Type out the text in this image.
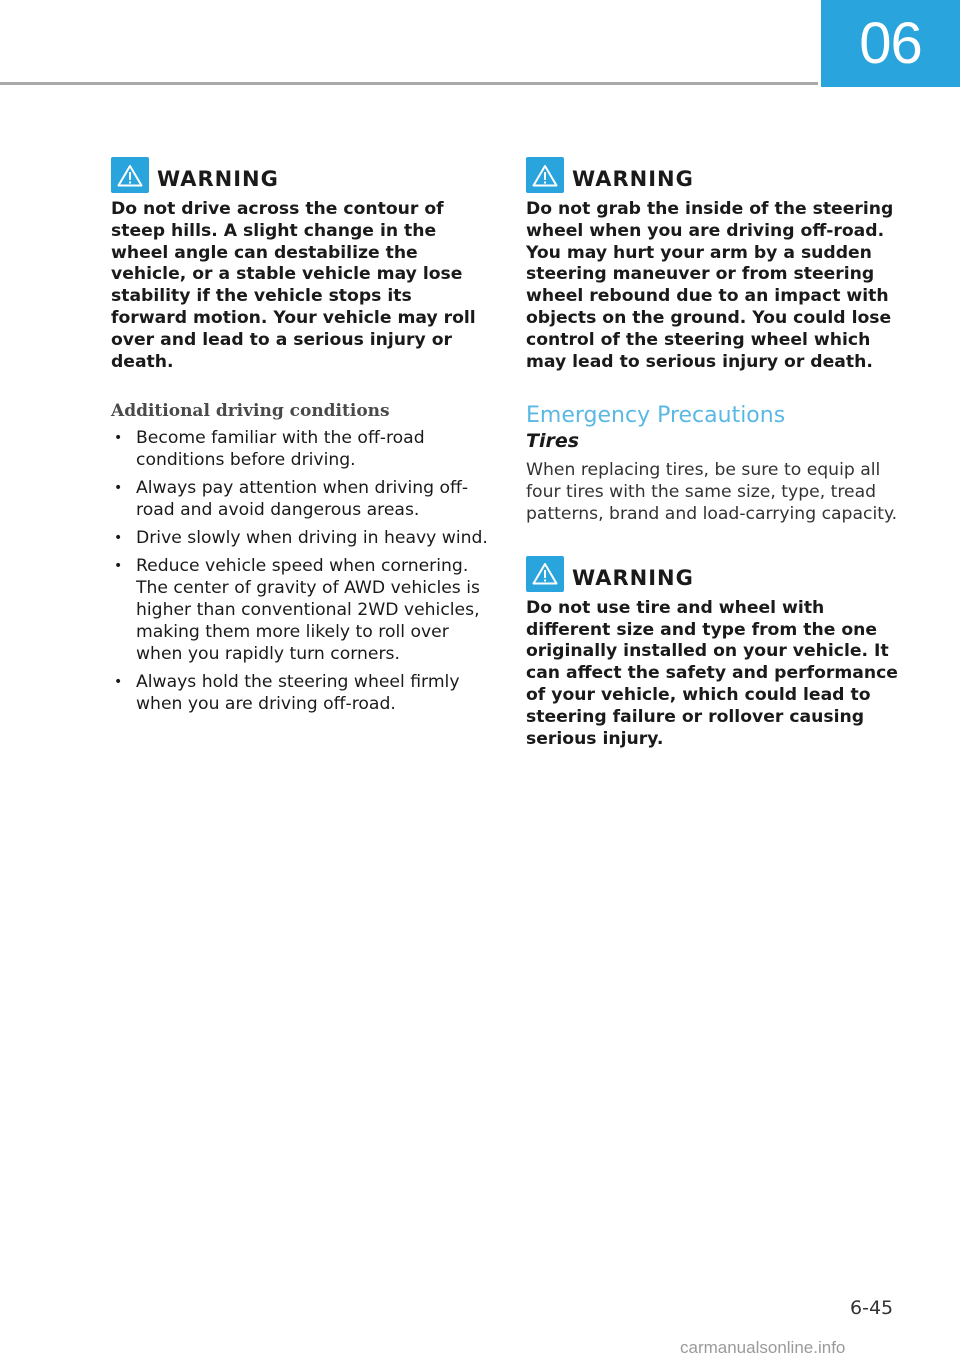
06
WARNING

Do not drive across the contour of steep hills. A slight change in the wheel angle can destabilize the vehicle, or a stable vehicle may lose stability if the vehicle stops its forward motion. Your vehicle may roll over and lead to a serious injury or death.

Additional driving conditions
• Become familiar with the off-road conditions before driving.
• Always pay attention when driving off-road and avoid dangerous areas.
• Drive slowly when driving in heavy wind.
• Reduce vehicle speed when cornering. The center of gravity of AWD vehicles is higher than conventional 2WD vehicles, making them more likely to roll over when you rapidly turn corners.
• Always hold the steering wheel firmly when you are driving off-road.
WARNING

Do not grab the inside of the steering wheel when you are driving off-road. You may hurt your arm by a sudden steering maneuver or from steering wheel rebound due to an impact with objects on the ground. You could lose control of the steering wheel which may lead to serious injury or death.

Emergency Precautions
Tires

When replacing tires, be sure to equip all four tires with the same size, type, tread patterns, brand and load-carrying capacity.

WARNING

Do not use tire and wheel with different size and type from the one originally installed on your vehicle. It can affect the safety and performance of your vehicle, which could lead to steering failure or rollover causing serious injury.

6-45
carmanualsonline.info
